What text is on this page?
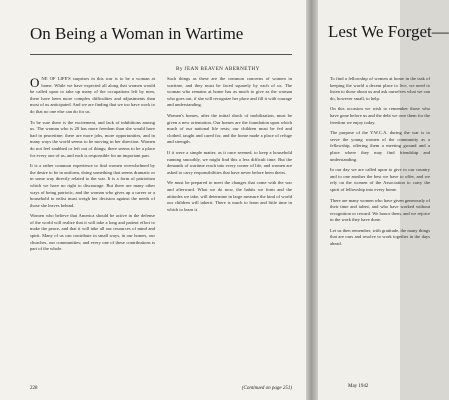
On Being a Woman in Wartime

By JEAN BEAVEN ABERNETHY

ONE OF LIFE'S surprises in this war is to be a woman at home. While we have expected all along that women would be called upon to take up many of the occupations left by men, there have been more complex difficulties and adjustments than most of us anticipated. And we are finding that we too have work to do that no one else can do for us.

To be sure there is the excitement, and lack of inhibitions among us. The woman who is 20 has more freedom than she would have had in peacetime; there are more jobs, more opportunities, and in many ways the world seems to be moving in her direction. Women do not feel snubbed or left out of things; there seems to be a place for every one of us, and each is responsible for an important part.

It is a rather common experience to find women overwhelmed by the desire to be in uniform, doing something that seems dramatic or in some way directly related to the war. It is a form of patriotism which we have no right to discourage. But there are many other ways of being patriotic, and the woman who gives up a career or a household to enlist must weigh her decision against the needs of those she leaves behind.

Women who believe that America should be active in the defense of the world will realize that it will take a long and patient effort to make the peace, and that it will take all our resources of mind and spirit. Many of us can contribute in small ways, in our homes, our churches, our communities; and every one of these contributions is part of the whole.

Such things as these are the common concerns of women in wartime, and they must be faced squarely by each of us. The woman who remains at home has as much to give as the woman who goes out, if she will recognize her place and fill it with courage and understanding.

Women's homes, after the initial shock of mobilization, must be given a new orientation. Our homes are the foundation upon which much of our national life rests; our children must be fed and clothed, taught and cared for, and the home made a place of refuge and strength.

If it were a simple matter, as it once seemed, to keep a household running smoothly, we might find this a less difficult time. But the demands of wartime reach into every corner of life, and women are asked to carry responsibilities that have never before been theirs.

We must be prepared to meet the changes that come with the war and afterward. What we do now, the habits we form and the attitudes we take, will determine in large measure the kind of world our children will inherit. There is much to learn and little time in which to learn it.

228	(Continued on page 251)
Lest We Forget—

To find a fellowship of women at home in the task of keeping the world a decent place to live, we need to listen to those about us and ask ourselves what we can do, however small, to help.

On this occasion we wish to remember those who have gone before us and the debt we owe them for the freedom we enjoy today.

The purpose of the Y.W.C.A. during the war is to serve the young women of the community as a fellowship, offering them a meeting ground and a place where they may find friendship and understanding.

In our day we are called upon to give to our country and to one another the best we have to offer, and we rely on the women of the Association to carry the spirit of fellowship into every home.

There are many women who have given generously of their time and talent, and who have worked without recognition or reward. We honor them, and we rejoice in the work they have done.

Let us then remember, with gratitude, the many things that are ours and resolve to work together in the days ahead.

May 1942
